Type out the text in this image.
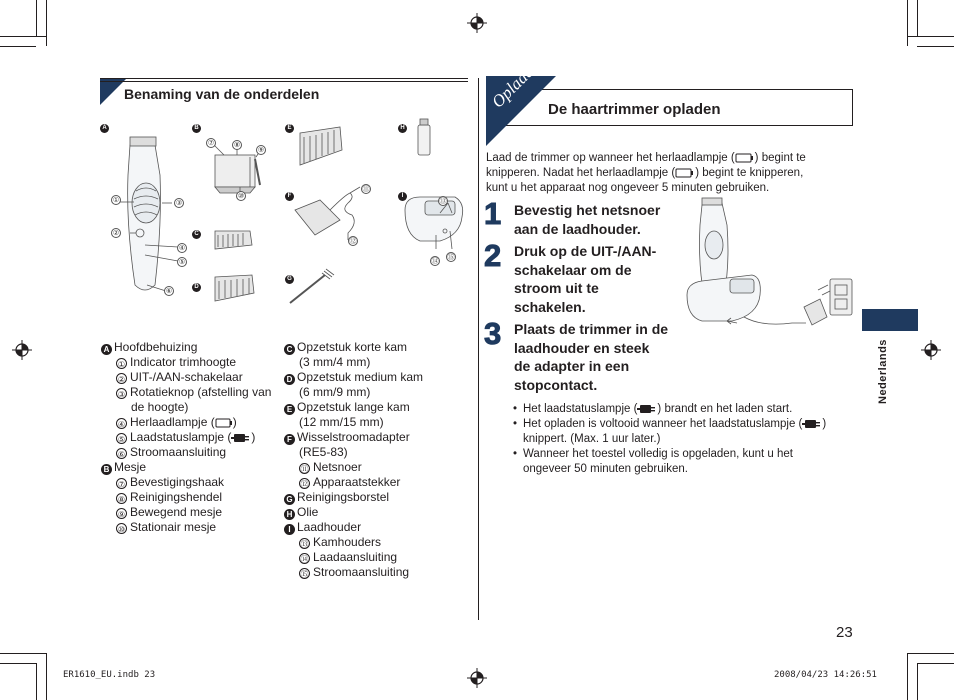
Benaming van de onderdelen
A	B
C
D
E
F
G
H
I
①
②
③
④
⑤
⑥
⑦	⑧
⑨
⑩
⑪
⑫
⑬
⑭
⑮
A Hoofdbehuizing
① Indicator trimhoogte
② UIT-/AAN-schakelaar
③ Rotatieknop (afstelling van
de hoogte)
④ Herlaadlampje ( )
⑤ Laadstatuslampje ( )
⑥ Stroomaansluiting
B Mesje
⑦ Bevestigingshaak
⑧ Reinigingshendel
⑨ Bewegend mesje
⑩ Stationair mesje
C Opzetstuk korte kam
(3 mm/4 mm)
D Opzetstuk medium kam
(6 mm/9 mm)
E Opzetstuk lange kam
(12 mm/15 mm)
F Wisselstroomadapter
(RE5-83)
⑪ Netsnoer
⑫ Apparaatstekker
G Reinigingsborstel
H Olie
I Laadhouder
⑬ Kamhouders
⑭ Laadaansluiting
⑮ Stroomaansluiting
Opladen De haartrimmer opladen
Laad de trimmer op wanneer het herlaadlampje ( ) begint te
knipperen. Nadat het herlaadlampje ( ) begint te knipperen,
kunt u het apparaat nog ongeveer 5 minuten gebruiken.
1 Bevestig het netsnoer
aan de laadhouder.
2 Druk op de UIT-/AAN-
schakelaar om de
stroom uit te
schakelen.
3 Plaats de trimmer in de
laadhouder en steek
de adapter in een
stopcontact.
• Het laadstatuslampje ( ) brandt en het laden start.
• Het opladen is voltooid wanneer het laadstatuslampje ( )
knippert. (Max. 1 uur later.)
• Wanneer het toestel volledig is opgeladen, kunt u het
ongeveer 50 minuten gebruiken.
Nederlands
23
ER1610_EU.indb 23	2008/04/23 14:26:51
